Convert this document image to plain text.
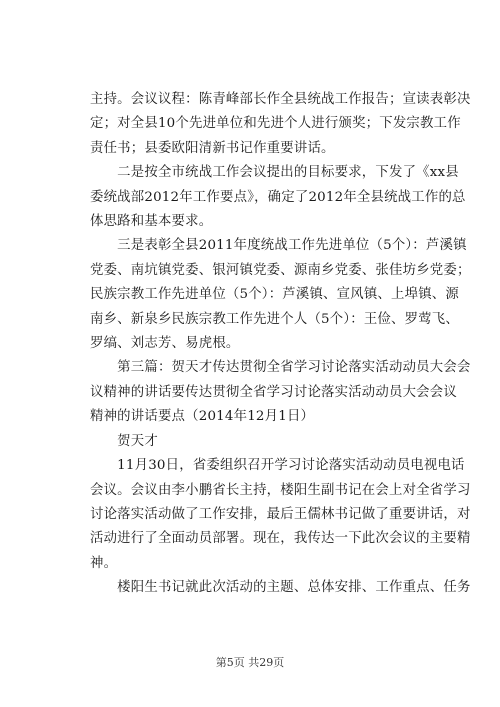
主持。会议议程：陈青峰部长作全县统战工作报告；宣读表彰决
定；对全县10个先进单位和先进个人进行颁奖；下发宗教工作
责任书；县委欧阳清新书记作重要讲话。

　　二是按全市统战工作会议提出的目标要求，下发了《xx县
委统战部2012年工作要点》，确定了2012年全县统战工作的总
体思路和基本要求。

　　三是表彰全县2011年度统战工作先进单位（5个）：芦溪镇
党委、南坑镇党委、银河镇党委、源南乡党委、张佳坊乡党委；
民族宗教工作先进单位（5个）：芦溪镇、宣风镇、上埠镇、源
南乡、新泉乡民族宗教工作先进个人（5个）：王俭、罗莺飞、
罗缟、刘志芳、易虎根。

　　第三篇：贺天才传达贯彻全省学习讨论落实活动动员大会会
议精神的讲话要传达贯彻全省学习讨论落实活动动员大会会议
精神的讲话要点（2014年12月1日）

　　贺天才

　　11月30日，省委组织召开学习讨论落实活动动员电视电话
会议。会议由李小鹏省长主持，楼阳生副书记在会上对全省学习
讨论落实活动做了工作安排，最后王儒林书记做了重要讲话，对
活动进行了全面动员部署。现在，我传达一下此次会议的主要精
神。

　　楼阳生书记就此次活动的主题、总体安排、工作重点、任务

第5页 共29页
